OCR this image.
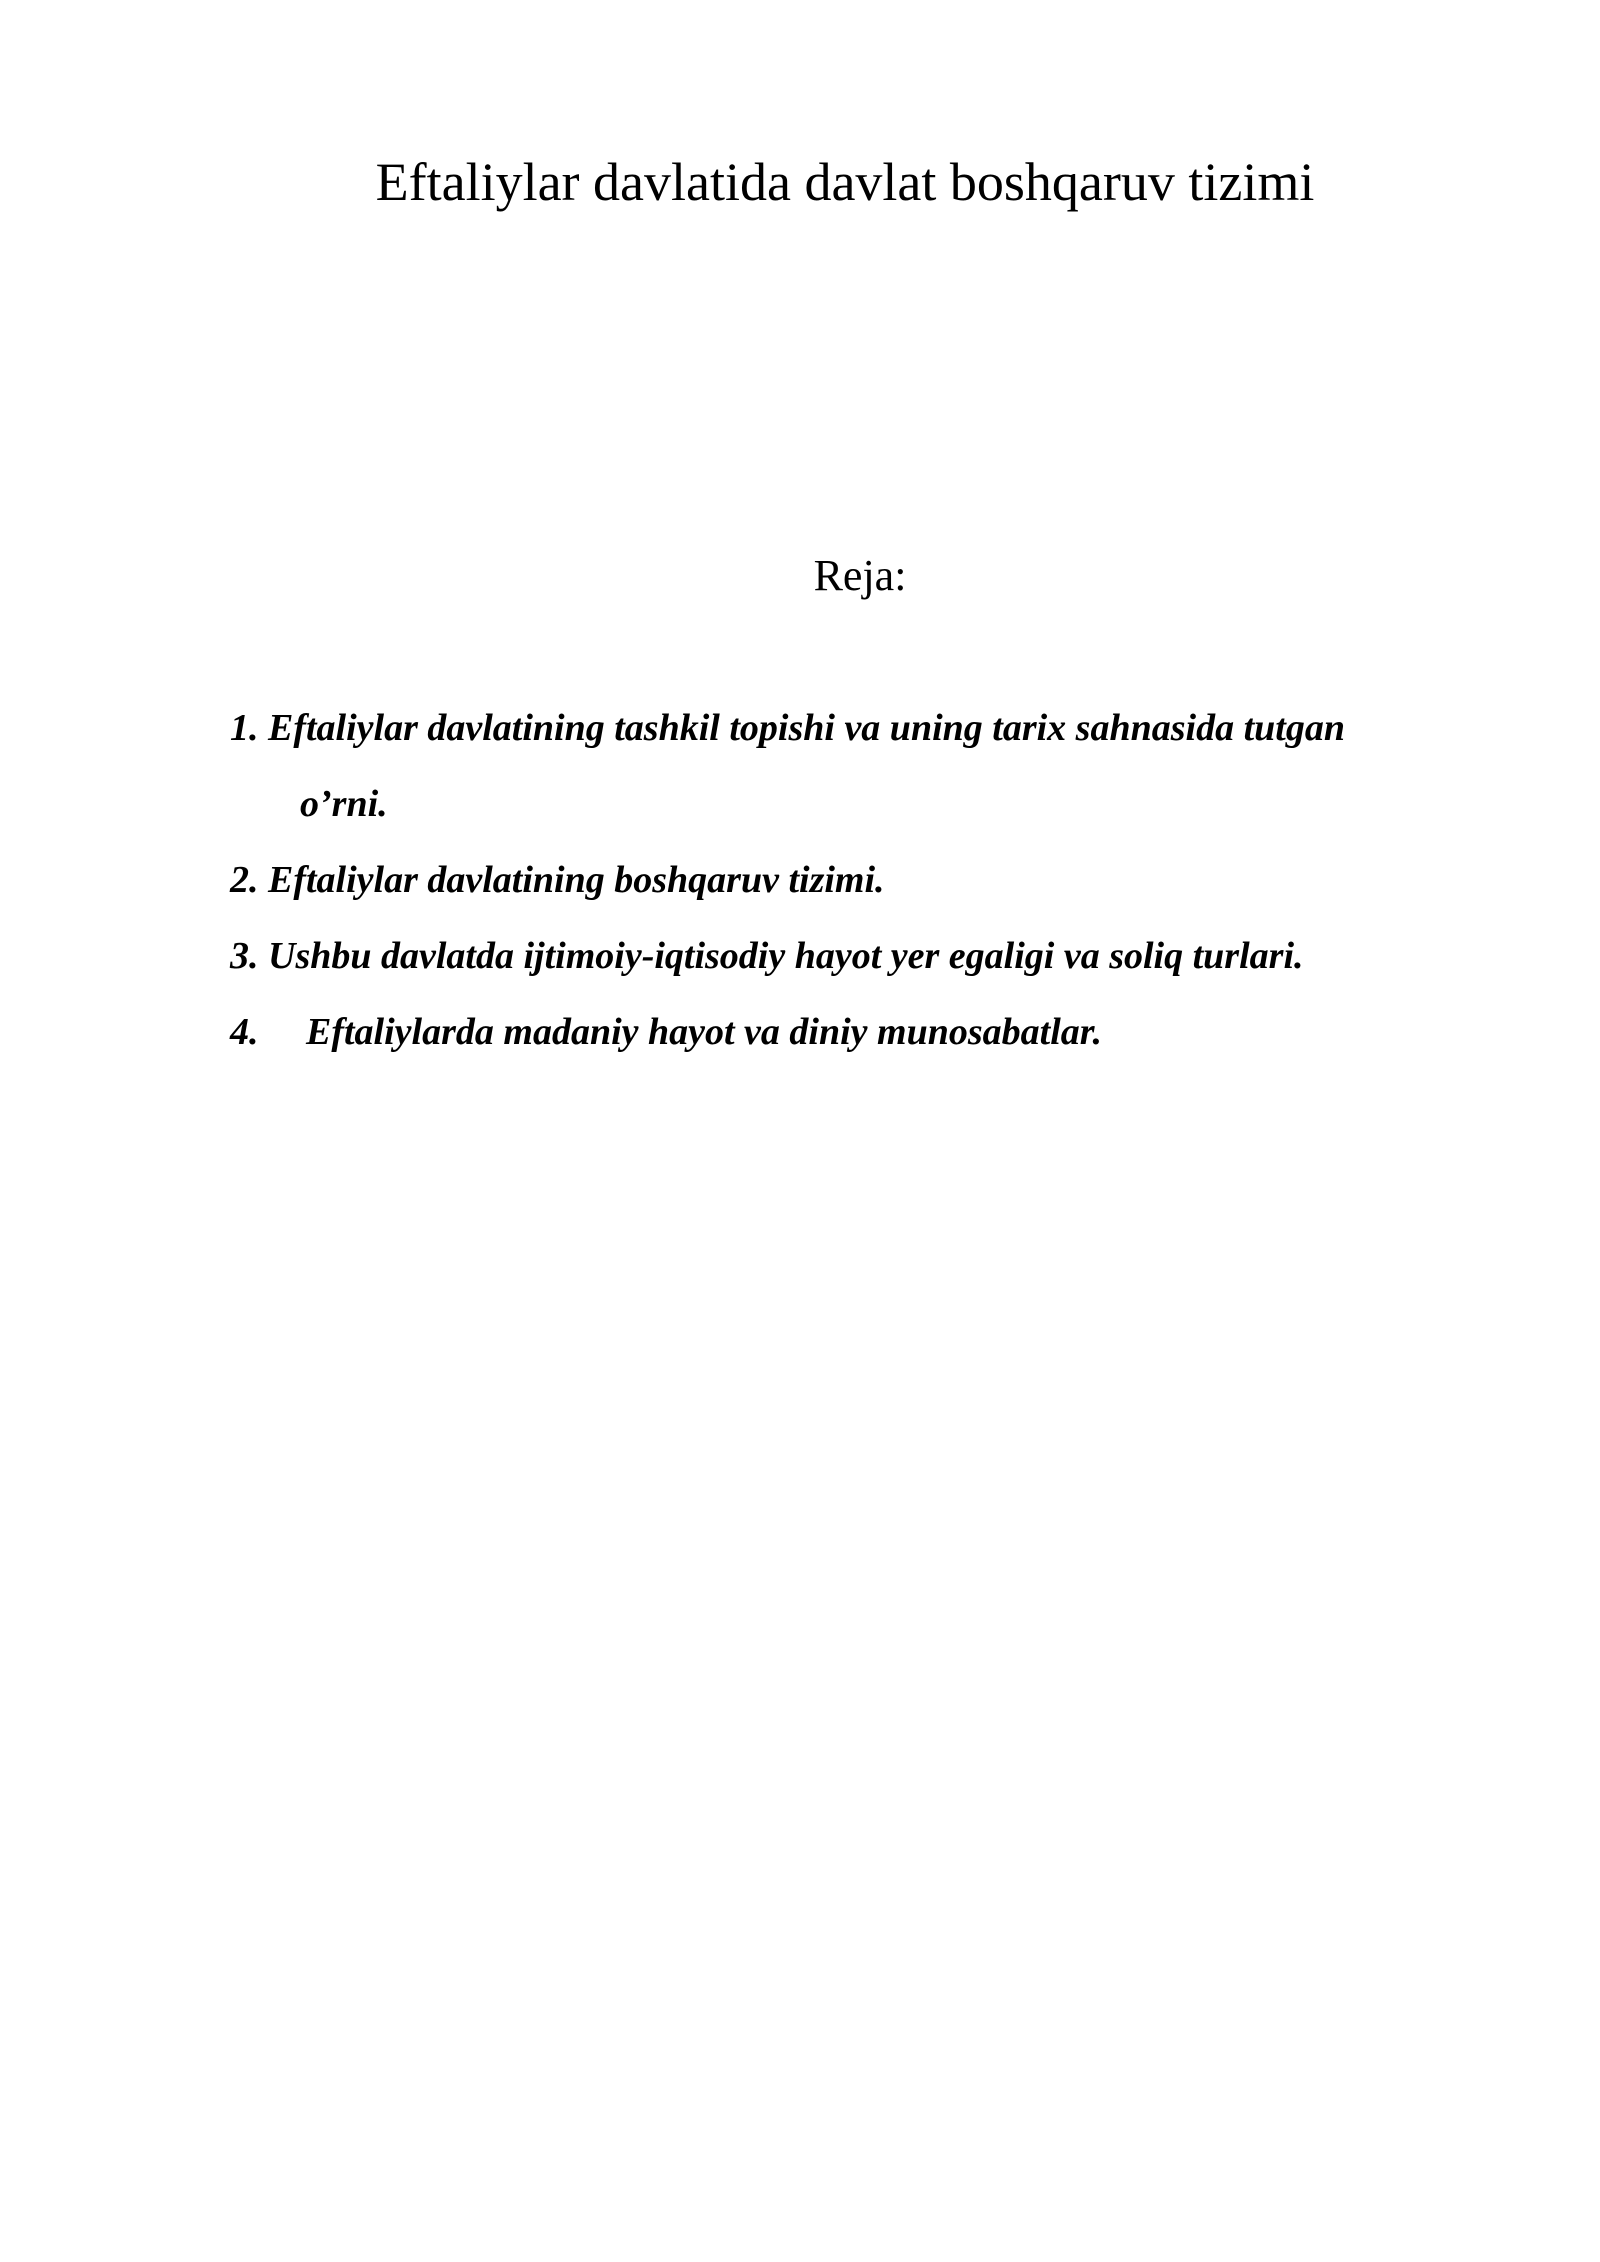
Eftaliylar davlatida davlat boshqaruv tizimi
Reja:
1. Eftaliylar davlatining tashkil topishi va uning tarix sahnasida tutgan
o’rni.
2. Eftaliylar davlatining boshqaruv tizimi.
3. Ushbu davlatda ijtimoiy-iqtisodiy hayot yer egaligi va soliq turlari.
4.	Eftaliylarda madaniy hayot va diniy munosabatlar.
